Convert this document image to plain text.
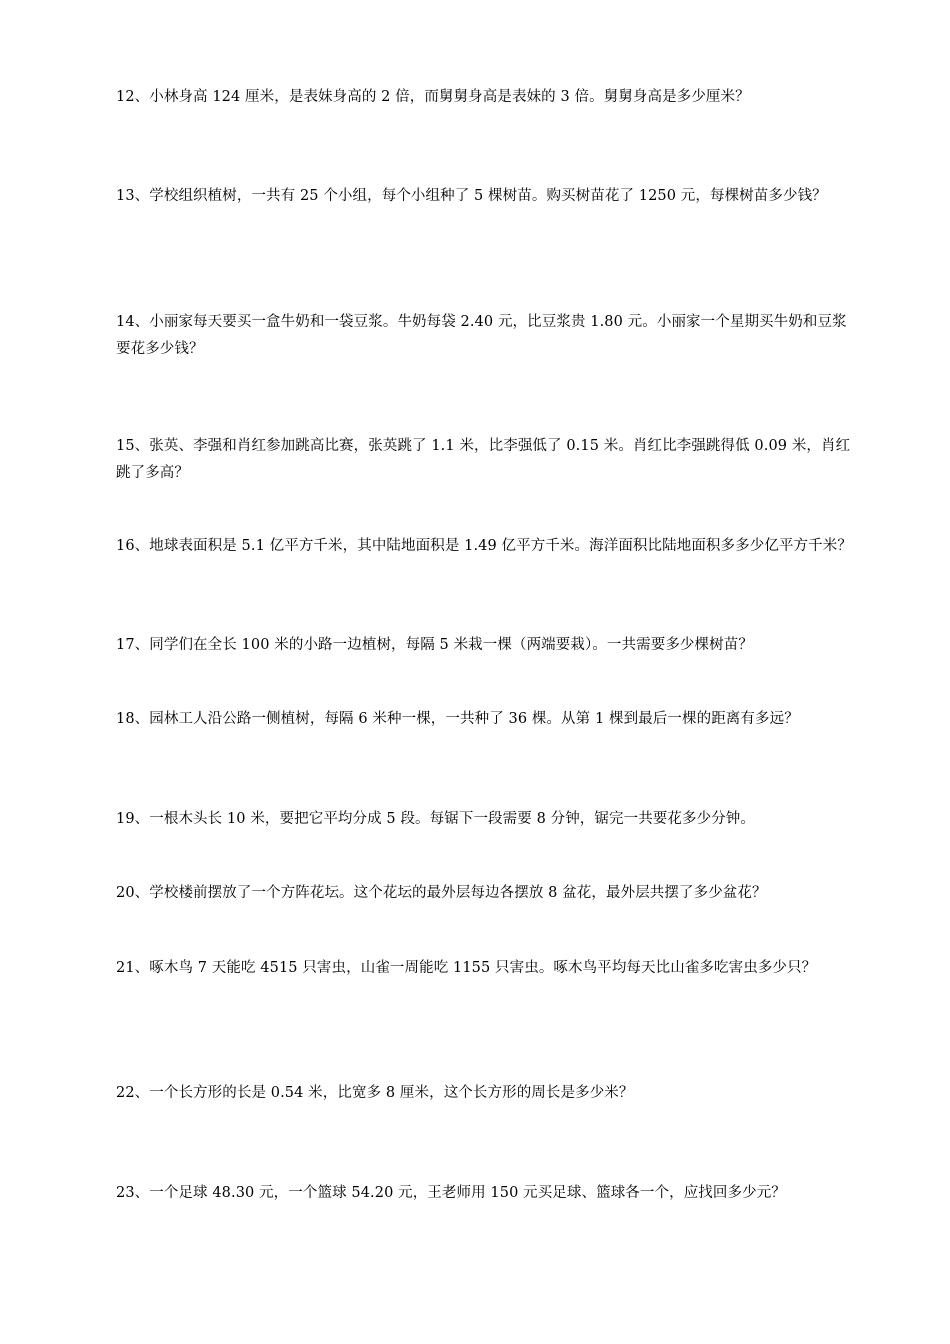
12、小林身高 124 厘米，是表妹身高的 2 倍，而舅舅身高是表妹的 3 倍。舅舅身高是多少厘米？

13、学校组织植树，一共有 25 个小组，每个小组种了 5 棵树苗。购买树苗花了 1250 元，每棵树苗多少钱？

14、小丽家每天要买一盒牛奶和一袋豆浆。牛奶每袋 2.40 元，比豆浆贵 1.80 元。小丽家一个星期买牛奶和豆浆要花多少钱？

15、张英、李强和肖红参加跳高比赛，张英跳了 1.1 米，比李强低了 0.15 米。肖红比李强跳得低 0.09 米，肖红跳了多高？

16、地球表面积是 5.1 亿平方千米，其中陆地面积是 1.49 亿平方千米。海洋面积比陆地面积多多少亿平方千米？

17、同学们在全长 100 米的小路一边植树，每隔 5 米栽一棵（两端要栽）。一共需要多少棵树苗？

18、园林工人沿公路一侧植树，每隔 6 米种一棵，一共种了 36 棵。从第 1 棵到最后一棵的距离有多远？

19、一根木头长 10 米，要把它平均分成 5 段。每锯下一段需要 8 分钟，锯完一共要花多少分钟。

20、学校楼前摆放了一个方阵花坛。这个花坛的最外层每边各摆放 8 盆花，最外层共摆了多少盆花？

21、啄木鸟 7 天能吃 4515 只害虫，山雀一周能吃 1155 只害虫。啄木鸟平均每天比山雀多吃害虫多少只？

22、一个长方形的长是 0.54 米，比宽多 8 厘米，这个长方形的周长是多少米？

23、一个足球 48.30 元，一个篮球 54.20 元，王老师用 150 元买足球、篮球各一个，应找回多少元？
